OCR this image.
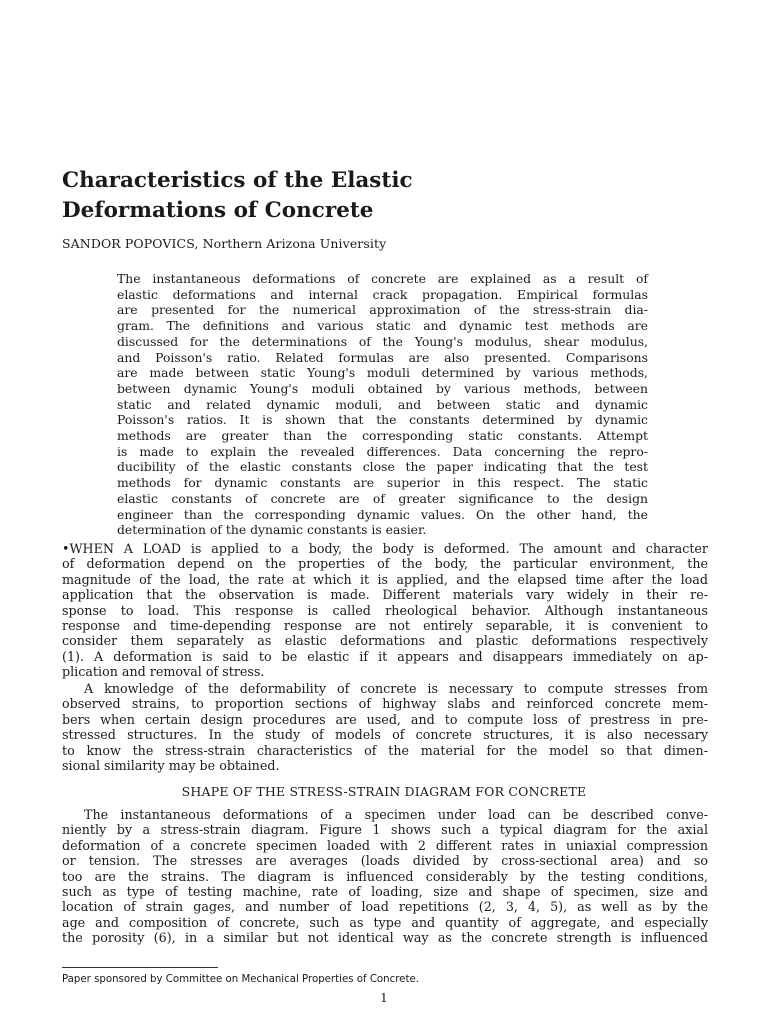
Characteristics of the Elastic
Deformations of Concrete
SANDOR POPOVICS, Northern Arizona University
The instantaneous deformations of concrete are explained as a result of
elastic deformations and internal crack propagation. Empirical formulas
are presented for the numerical approximation of the stress-strain dia-
gram. The definitions and various static and dynamic test methods are
discussed for the determinations of the Young's modulus, shear modulus,
and Poisson's ratio. Related formulas are also presented. Comparisons
are made between static Young's moduli determined by various methods,
between dynamic Young's moduli obtained by various methods, between
static and related dynamic moduli, and between static and dynamic
Poisson's ratios. It is shown that the constants determined by dynamic
methods are greater than the corresponding static constants. Attempt
is made to explain the revealed differences. Data concerning the repro-
ducibility of the elastic constants close the paper indicating that the test
methods for dynamic constants are superior in this respect. The static
elastic constants of concrete are of greater significance to the design
engineer than the corresponding dynamic values. On the other hand, the
determination of the dynamic constants is easier.
•WHEN A LOAD is applied to a body, the body is deformed. The amount and character
of deformation depend on the properties of the body, the particular environment, the
magnitude of the load, the rate at which it is applied, and the elapsed time after the load
application that the observation is made. Different materials vary widely in their re-
sponse to load. This response is called rheological behavior. Although instantaneous
response and time-depending response are not entirely separable, it is convenient to
consider them separately as elastic deformations and plastic deformations respectively
(1). A deformation is said to be elastic if it appears and disappears immediately on ap-
plication and removal of stress.
A knowledge of the deformability of concrete is necessary to compute stresses from
observed strains, to proportion sections of highway slabs and reinforced concrete mem-
bers when certain design procedures are used, and to compute loss of prestress in pre-
stressed structures. In the study of models of concrete structures, it is also necessary
to know the stress-strain characteristics of the material for the model so that dimen-
sional similarity may be obtained.
SHAPE OF THE STRESS-STRAIN DIAGRAM FOR CONCRETE
The instantaneous deformations of a specimen under load can be described conve-
niently by a stress-strain diagram. Figure 1 shows such a typical diagram for the axial
deformation of a concrete specimen loaded with 2 different rates in uniaxial compression
or tension. The stresses are averages (loads divided by cross-sectional area) and so
too are the strains. The diagram is influenced considerably by the testing conditions,
such as type of testing machine, rate of loading, size and shape of specimen, size and
location of strain gages, and number of load repetitions (2, 3, 4, 5), as well as by the
age and composition of concrete, such as type and quantity of aggregate, and especially
the porosity (6), in a similar but not identical way as the concrete strength is influenced
Paper sponsored by Committee on Mechanical Properties of Concrete.
1
